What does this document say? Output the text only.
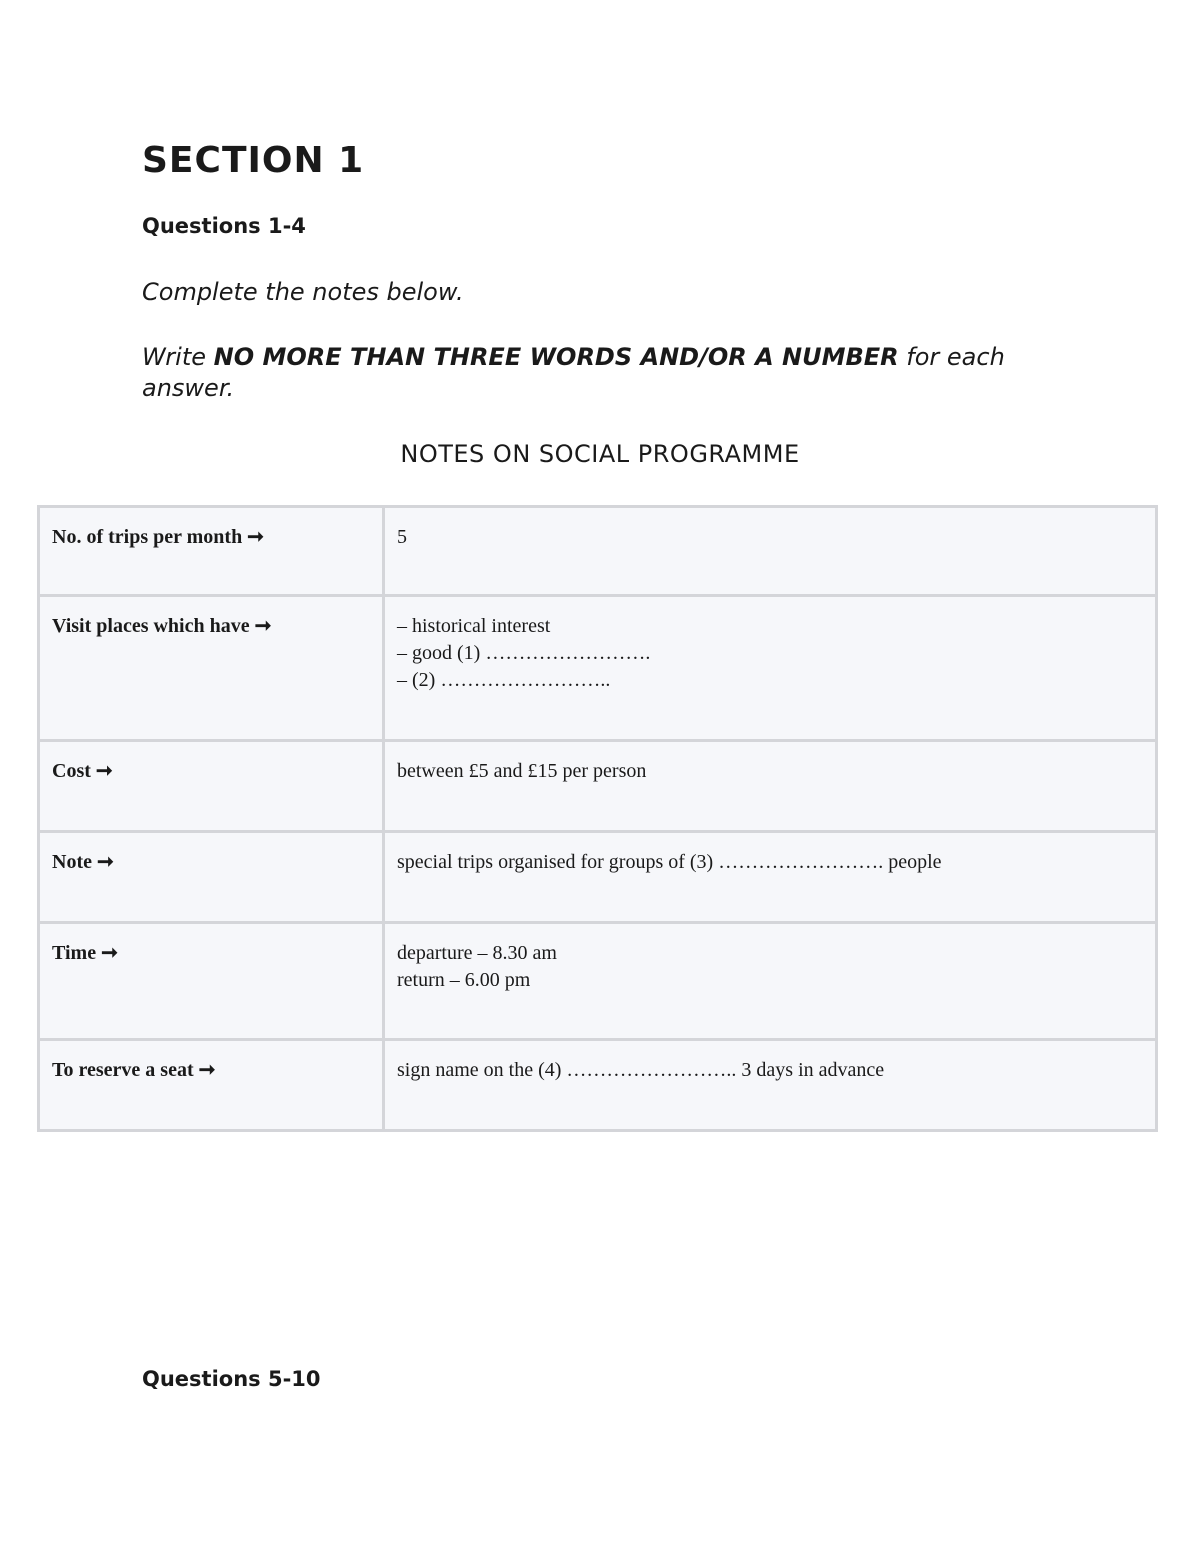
SECTION 1

Questions 1-4

Complete the notes below.

Write NO MORE THAN THREE WORDS AND/OR A NUMBER for each answer.

NOTES ON SOCIAL PROGRAMME
No. of trips per month ➞	5

Visit places which have ➞	– historical interest
– good (1) …………………….
– (2) ……………………..

Cost ➞	between £5 and £15 per person

Note ➞	special trips organised for groups of (3) ……………………. people

Time ➞	departure – 8.30 am
return – 6.00 pm

To reserve a seat ➞	sign name on the (4) …………………….. 3 days in advance

Questions 5-10
